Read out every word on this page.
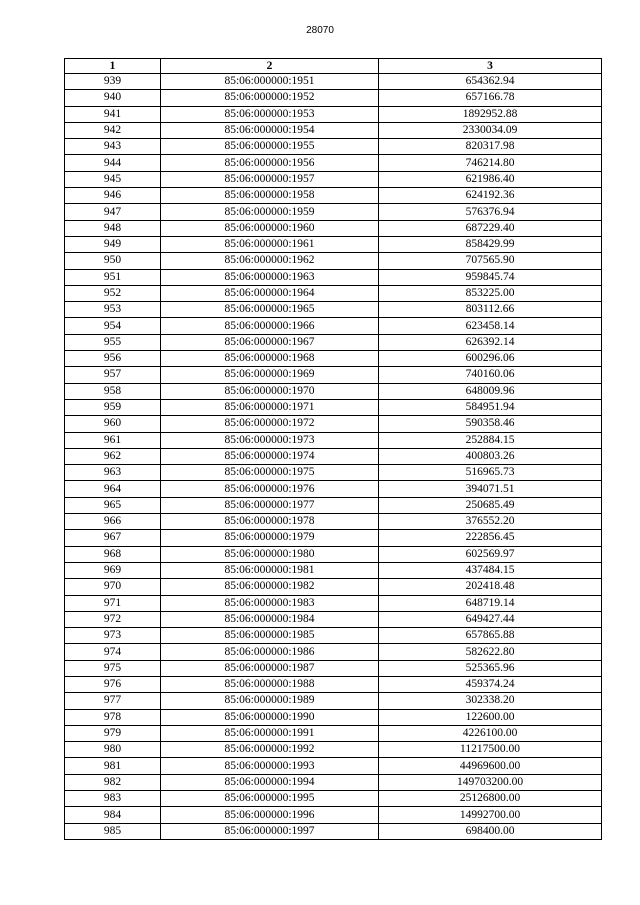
28070
1	2	3
939	85:06:000000:1951	654362.94
940	85:06:000000:1952	657166.78
941	85:06:000000:1953	1892952.88
942	85:06:000000:1954	2330034.09
943	85:06:000000:1955	820317.98
944	85:06:000000:1956	746214.80
945	85:06:000000:1957	621986.40
946	85:06:000000:1958	624192.36
947	85:06:000000:1959	576376.94
948	85:06:000000:1960	687229.40
949	85:06:000000:1961	858429.99
950	85:06:000000:1962	707565.90
951	85:06:000000:1963	959845.74
952	85:06:000000:1964	853225.00
953	85:06:000000:1965	803112.66
954	85:06:000000:1966	623458.14
955	85:06:000000:1967	626392.14
956	85:06:000000:1968	600296.06
957	85:06:000000:1969	740160.06
958	85:06:000000:1970	648009.96
959	85:06:000000:1971	584951.94
960	85:06:000000:1972	590358.46
961	85:06:000000:1973	252884.15
962	85:06:000000:1974	400803.26
963	85:06:000000:1975	516965.73
964	85:06:000000:1976	394071.51
965	85:06:000000:1977	250685.49
966	85:06:000000:1978	376552.20
967	85:06:000000:1979	222856.45
968	85:06:000000:1980	602569.97
969	85:06:000000:1981	437484.15
970	85:06:000000:1982	202418.48
971	85:06:000000:1983	648719.14
972	85:06:000000:1984	649427.44
973	85:06:000000:1985	657865.88
974	85:06:000000:1986	582622.80
975	85:06:000000:1987	525365.96
976	85:06:000000:1988	459374.24
977	85:06:000000:1989	302338.20
978	85:06:000000:1990	122600.00
979	85:06:000000:1991	4226100.00
980	85:06:000000:1992	11217500.00
981	85:06:000000:1993	44969600.00
982	85:06:000000:1994	149703200.00
983	85:06:000000:1995	25126800.00
984	85:06:000000:1996	14992700.00
985	85:06:000000:1997	698400.00
